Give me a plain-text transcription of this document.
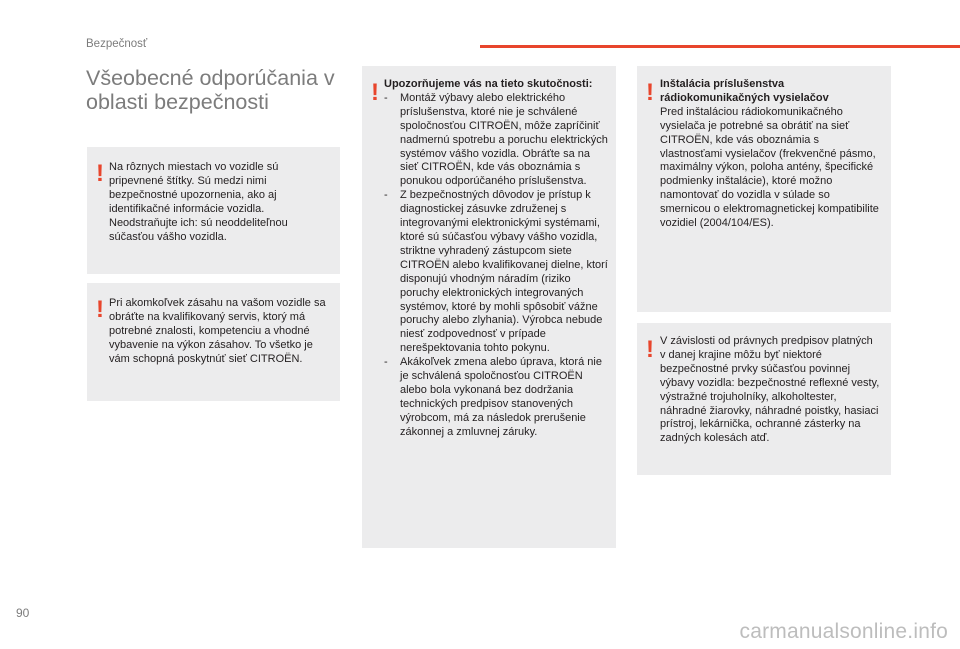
Bezpečnosť
Všeobecné odporúčania v oblasti bezpečnosti
! Na rôznych miestach vo vozidle sú pripevnené štítky. Sú medzi nimi bezpečnostné upozornenia, ako aj identifikačné informácie vozidla. Neodstraňujte ich: sú neoddeliteľnou súčasťou vášho vozidla.

! Pri akomkoľvek zásahu na vašom vozidle sa obráťte na kvalifikovaný servis, ktorý má potrebné znalosti, kompetenciu a vhodné vybavenie na výkon zásahov. To všetko je vám schopná poskytnúť sieť CITROËN.

! Upozorňujeme vás na tieto skutočnosti:

- Montáž výbavy alebo elektrického príslušenstva, ktoré nie je schválené spoločnosťou CITROËN, môže zapríčiniť nadmernú spotrebu a poruchu elektrických systémov vášho vozidla. Obráťte sa na sieť CITROËN, kde vás oboznámia s ponukou odporúčaného príslušenstva.
- Z bezpečnostných dôvodov je prístup k diagnostickej zásuvke združenej s integrovanými elektronickými systémami, ktoré sú súčasťou výbavy vášho vozidla, striktne vyhradený zástupcom siete CITROËN alebo kvalifikovanej dielne, ktorí disponujú vhodným náradím (riziko poruchy elektronických integrovaných systémov, ktoré by mohli spôsobiť vážne poruchy alebo zlyhania). Výrobca nebude niesť zodpovednosť v prípade nerešpektovania tohto pokynu.
- Akákoľvek zmena alebo úprava, ktorá nie je schválená spoločnosťou CITROËN alebo bola vykonaná bez dodržania technických predpisov stanovených výrobcom, má za následok prerušenie zákonnej a zmluvnej záruky.
! Inštalácia príslušenstva rádiokomunikačných vysielačov

Pred inštaláciou rádiokomunikačného vysielača je potrebné sa obrátiť na sieť CITROËN, kde vás oboznámia s vlastnosťami vysielačov (frekvenčné pásmo, maximálny výkon, poloha antény, špecifické podmienky inštalácie), ktoré možno namontovať do vozidla v súlade so smernicou o elektromagnetickej kompatibilite vozidiel (2004/104/ES).

! V závislosti od právnych predpisov platných v danej krajine môžu byť niektoré bezpečnostné prvky súčasťou povinnej výbavy vozidla: bezpečnostné reflexné vesty, výstražné trojuholníky, alkoholtester, náhradné žiarovky, náhradné poistky, hasiaci prístroj, lekárnička, ochranné zásterky na zadných kolesách atď.

90
carmanualsonline.info
